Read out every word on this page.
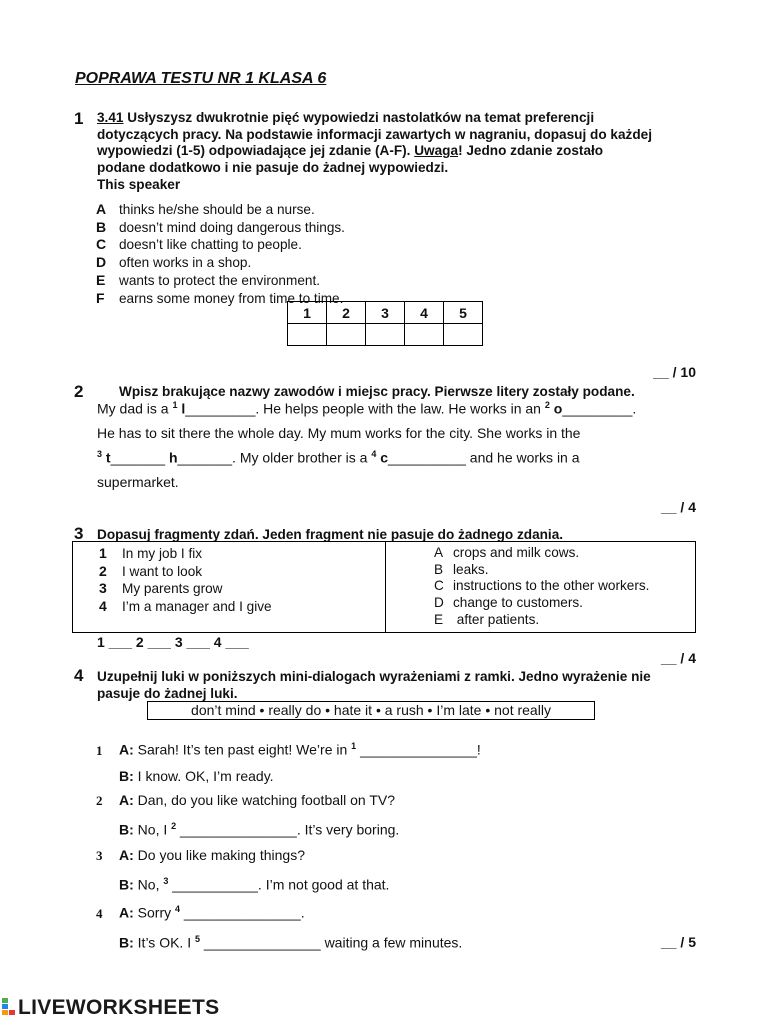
POPRAWA TESTU NR 1 KLASA 6
1 3.41 Usłyszysz dwukrotnie pięć wypowiedzi nastolatków na temat preferencji
dotyczących pracy. Na podstawie informacji zawartych w nagraniu, dopasuj do każdej
wypowiedzi (1-5) odpowiadające jej zdanie (A-F). Uwaga! Jedno zdanie zostało
podane dodatkowo i nie pasuje do żadnej wypowiedzi.
This speaker
A thinks he/she should be a nurse.
B doesn’t mind doing dangerous things.
C doesn’t like chatting to people.
D often works in a shop.
E wants to protect the environment.
F earns some money from time to time.
1	2	3	4	5

__ / 10
2	Wpisz brakujące nazwy zawodów i miejsc pracy. Pierwsze litery zostały podane.
My dad is a $^1$ l_________. He helps people with the law. He works in an $^2$ o_________.
He has to sit there the whole day. My mum works for the city. She works in the
$^3$ t_______ h_______. My older brother is a $^4$ c__________ and he works in a
supermarket.
__ / 4
3 Dopasuj fragmenty zdań. Jeden fragment nie pasuje do żadnego zdania.
1 In my job I fix
2 I want to look
3 My parents grow
4 I’m a manager and I give
A crops and milk cows.
B leaks.
C instructions to the other workers.
D change to customers.
E after patients.
1 ___ 2 ___ 3 ___ 4 ___
__ / 4
4 Uzupełnij luki w poniższych mini-dialogach wyrażeniami z ramki. Jedno wyrażenie nie
pasuje do żadnej luki.
don’t mind • really do • hate it • a rush • I’m late • not really
1 A: Sarah! It’s ten past eight! We’re in $^1$ _______________!
B: I know. OK, I’m ready.
2 A: Dan, do you like watching football on TV?
B: No, I $^2$ _______________. It’s very boring.
3 A: Do you like making things?
B: No, $^3$ ___________. I’m not good at that.
4 A: Sorry $^4$ _______________.
B: It’s OK. I $^5$ _______________ waiting a few minutes.	__ / 5
LIVEWORKSHEETS
